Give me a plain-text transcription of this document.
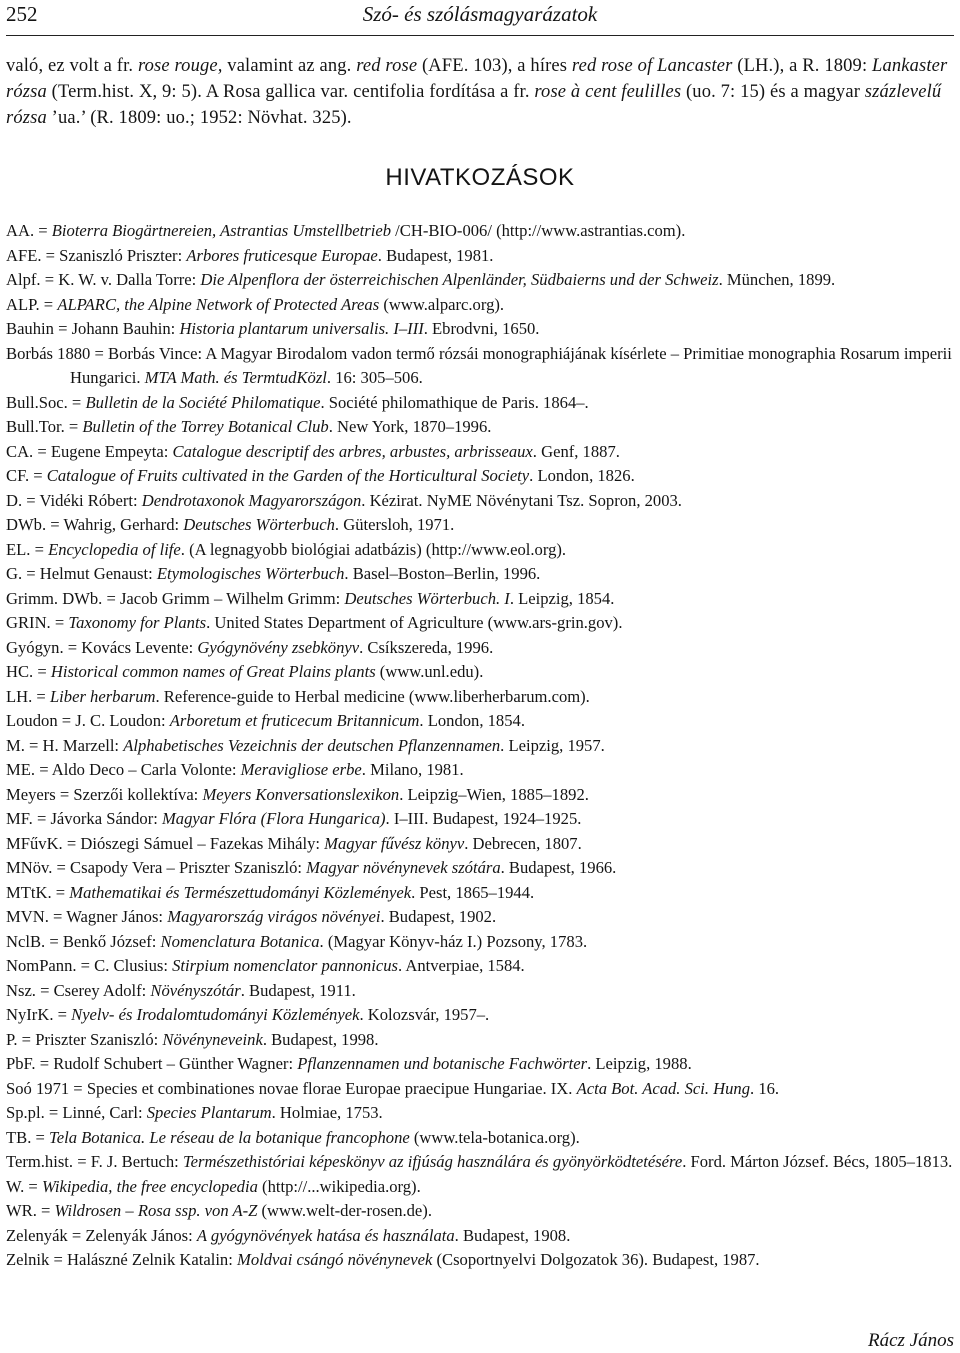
252	Szó- és szólásmagyarázatok
való, ez volt a fr. rose rouge, valamint az ang. red rose (AFE. 103), a híres red rose of Lancaster (LH.), a R. 1809: Lankaster rózsa (Term.hist. X, 9: 5). A Rosa gallica var. centifolia fordítása a fr. rose à cent feulilles (uo. 7: 15) és a magyar százlevelű rózsa ’ua.’ (R. 1809: uo.; 1952: Növhat. 325).
HIVATKOZÁSOK
AA. = Bioterra Biogärtnereien, Astrantias Umstellbetrieb /CH-BIO-006/ (http://www.astrantias.com).
AFE. = Szaniszló Priszter: Arbores fruticesque Europae. Budapest, 1981.
Alpf. = K. W. v. Dalla Torre: Die Alpenflora der österreichischen Alpenländer, Südbaierns und der Schweiz. München, 1899.
ALP. = ALPARC, the Alpine Network of Protected Areas (www.alparc.org).
Bauhin = Johann Bauhin: Historia plantarum universalis. I–III. Ebrodvni, 1650.
Borbás 1880 = Borbás Vince: A Magyar Birodalom vadon termő rózsái monographiájának kísérlete – Primitiae monographia Rosarum imperii Hungarici. MTA Math. és TermtudKözl. 16: 305–506.
Bull.Soc. = Bulletin de la Société Philomatique. Société philomathique de Paris. 1864–.
Bull.Tor. = Bulletin of the Torrey Botanical Club. New York, 1870–1996.
CA. = Eugene Empeyta: Catalogue descriptif des arbres, arbustes, arbrisseaux. Genf, 1887.
CF. = Catalogue of Fruits cultivated in the Garden of the Horticultural Society. London, 1826.
D. = Vidéki Róbert: Dendrotaxonok Magyarországon. Kézirat. NyME Növénytani Tsz. Sopron, 2003.
DWb. = Wahrig, Gerhard: Deutsches Wörterbuch. Gütersloh, 1971.
EL. = Encyclopedia of life. (A legnagyobb biológiai adatbázis) (http://www.eol.org).
G. = Helmut Genaust: Etymologisches Wörterbuch. Basel–Boston–Berlin, 1996.
Grimm. DWb. = Jacob Grimm – Wilhelm Grimm: Deutsches Wörterbuch. I. Leipzig, 1854.
GRIN. = Taxonomy for Plants. United States Department of Agriculture (www.ars-grin.gov).
Gyógyn. = Kovács Levente: Gyógynövény zsebkönyv. Csíkszereda, 1996.
HC. = Historical common names of Great Plains plants (www.unl.edu).
LH. = Liber herbarum. Reference-guide to Herbal medicine (www.liberherbarum.com).
Loudon = J. C. Loudon: Arboretum et fruticecum Britannicum. London, 1854.
M. = H. Marzell: Alphabetisches Vezeichnis der deutschen Pflanzennamen. Leipzig, 1957.
ME. = Aldo Deco – Carla Volonte: Meravigliose erbe. Milano, 1981.
Meyers = Szerzői kollektíva: Meyers Konversationslexikon. Leipzig–Wien, 1885–1892.
MF. = Jávorka Sándor: Magyar Flóra (Flora Hungarica). I–III. Budapest, 1924–1925.
MFűvK. = Diószegi Sámuel – Fazekas Mihály: Magyar fűvész könyv. Debrecen, 1807.
MNöv. = Csapody Vera – Priszter Szaniszló: Magyar növénynevek szótára. Budapest, 1966.
MTtK. = Mathematikai és Természettudományi Közlemények. Pest, 1865–1944.
MVN. = Wagner János: Magyarország virágos növényei. Budapest, 1902.
NclB. = Benkő József: Nomenclatura Botanica. (Magyar Könyv-ház I.) Pozsony, 1783.
NomPann. = C. Clusius: Stirpium nomenclator pannonicus. Antverpiae, 1584.
Nsz. = Cserey Adolf: Növényszótár. Budapest, 1911.
NyIrK. = Nyelv- és Irodalomtudományi Közlemények. Kolozsvár, 1957–.
P. = Priszter Szaniszló: Növényneveink. Budapest, 1998.
PbF. = Rudolf Schubert – Günther Wagner: Pflanzennamen und botanische Fachwörter. Leipzig, 1988.
Soó 1971 = Species et combinationes novae florae Europae praecipue Hungariae. IX. Acta Bot. Acad. Sci. Hung. 16.
Sp.pl. = Linné, Carl: Species Plantarum. Holmiae, 1753.
TB. = Tela Botanica. Le réseau de la botanique francophone (www.tela-botanica.org).
Term.hist. = F. J. Bertuch: Természethistóriai képeskönyv az ifjúság használára és gyönyörködtetésére. Ford. Márton József. Bécs, 1805–1813.
W. = Wikipedia, the free encyclopedia (http://...wikipedia.org).
WR. = Wildrosen – Rosa ssp. von A-Z (www.welt-der-rosen.de).
Zelenyák = Zelenyák János: A gyógynövények hatása és használata. Budapest, 1908.
Zelnik = Halászné Zelnik Katalin: Moldvai csángó növénynevek (Csoportnyelvi Dolgozatok 36). Budapest, 1987.
Rácz János
